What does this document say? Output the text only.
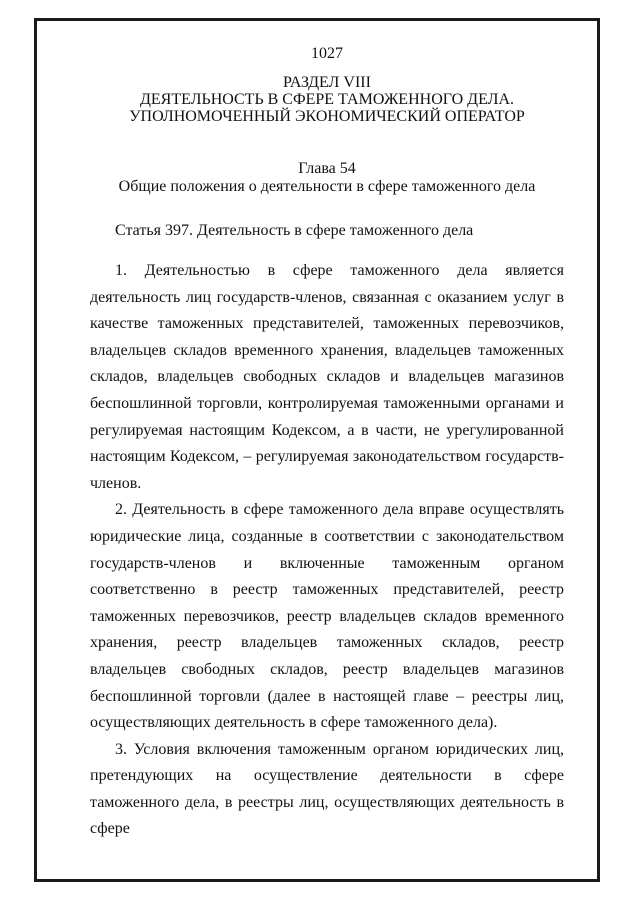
1027
РАЗДЕЛ VIII
ДЕЯТЕЛЬНОСТЬ В СФЕРЕ ТАМОЖЕННОГО ДЕЛА.
УПОЛНОМОЧЕННЫЙ ЭКОНОМИЧЕСКИЙ ОПЕРАТОР
Глава 54
Общие положения о деятельности в сфере таможенного дела
Статья 397. Деятельность в сфере таможенного дела

1. Деятельностью в сфере таможенного дела является деятельность лиц государств-членов, связанная с оказанием услуг в качестве таможенных представителей, таможенных перевозчиков, владельцев складов временного хранения, владельцев таможенных складов, владельцев свободных складов и владельцев магазинов беспошлинной торговли, контролируемая таможенными органами и регулируемая настоящим Кодексом, а в части, не урегулированной настоящим Кодексом, – регулируемая законодательством государств-членов.

2. Деятельность в сфере таможенного дела вправе осуществлять юридические лица, созданные в соответствии с законодательством государств-членов и включенные таможенным органом соответственно в реестр таможенных представителей, реестр таможенных перевозчиков, реестр владельцев складов временного хранения, реестр владельцев таможенных складов, реестр владельцев свободных складов, реестр владельцев магазинов беспошлинной торговли (далее в настоящей главе – реестры лиц, осуществляющих деятельность в сфере таможенного дела).

3. Условия включения таможенным органом юридических лиц, претендующих на осуществление деятельности в сфере таможенного дела, в реестры лиц, осуществляющих деятельность в сфере
